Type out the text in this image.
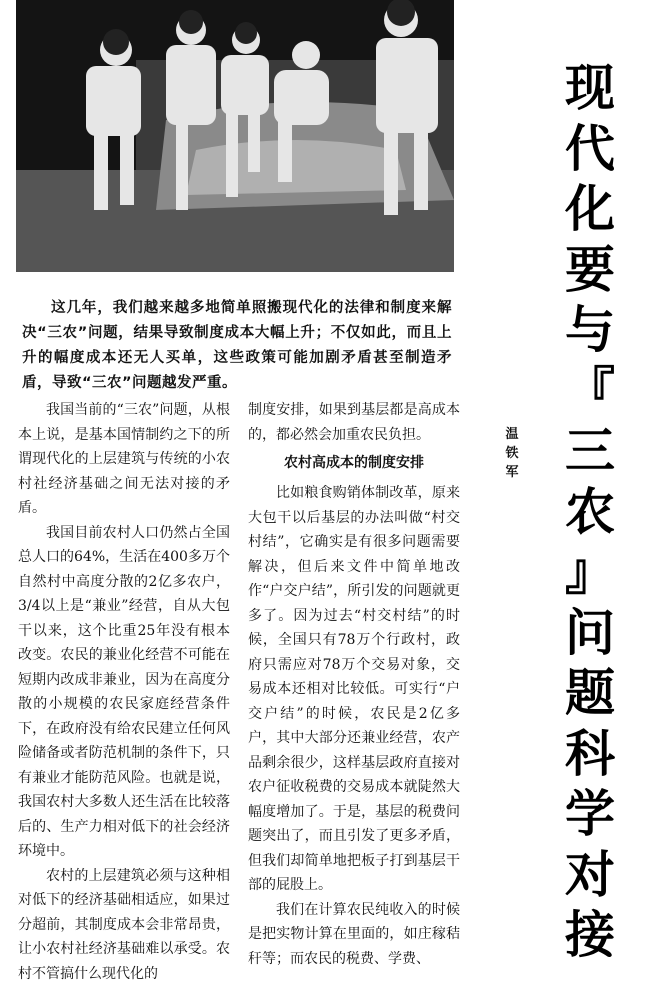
这几年，我们越来越多地简单照搬现代化的法律和制度来解决“三农”问题，结果导致制度成本大幅上升；不仅如此，而且上升的幅度成本还无人买单，这些政策可能加剧矛盾甚至制造矛盾，导致“三农”问题越发严重。

我国当前的“三农”问题，从根本上说，是基本国情制约之下的所谓现代化的上层建筑与传统的小农村社经济基础之间无法对接的矛盾。

我国目前农村人口仍然占全国总人口的64%，生活在400多万个自然村中高度分散的2亿多农户，3/4以上是“兼业”经营，自从大包干以来，这个比重25年没有根本改变。农民的兼业化经营不可能在短期内改成非兼业，因为在高度分散的小规模的农民家庭经营条件下，在政府没有给农民建立任何风险储备或者防范机制的条件下，只有兼业才能防范风险。也就是说，我国农村大多数人还生活在比较落后的、生产力相对低下的社会经济环境中。

农村的上层建筑必须与这种相对低下的经济基础相适应，如果过分超前，其制度成本会非常昂贵，让小农村社经济基础难以承受。农村不管搞什么现代化的

制度安排，如果到基层都是高成本的，都必然会加重农民负担。

农村高成本的制度安排

比如粮食购销体制改革，原来大包干以后基层的办法叫做“村交村结”，它确实是有很多问题需要解决，但后来文件中简单地改作“户交户结”，所引发的问题就更多了。因为过去“村交村结”的时候，全国只有78万个行政村，政府只需应对78万个交易对象，交易成本还相对比较低。可实行“户交户结”的时候，农民是2亿多户，其中大部分还兼业经营，农产品剩余很少，这样基层政府直接对农户征收税费的交易成本就陡然大幅度增加了。于是，基层的税费问题突出了，而且引发了更多矛盾，但我们却简单地把板子打到基层干部的屁股上。

我们在计算农民纯收入的时候是把实物计算在里面的，如庄稼秸秆等；而农民的税费、学费、

现
代
化
要
与
『
三
农
』
问
题
科
学
对
接
温
铁
军
